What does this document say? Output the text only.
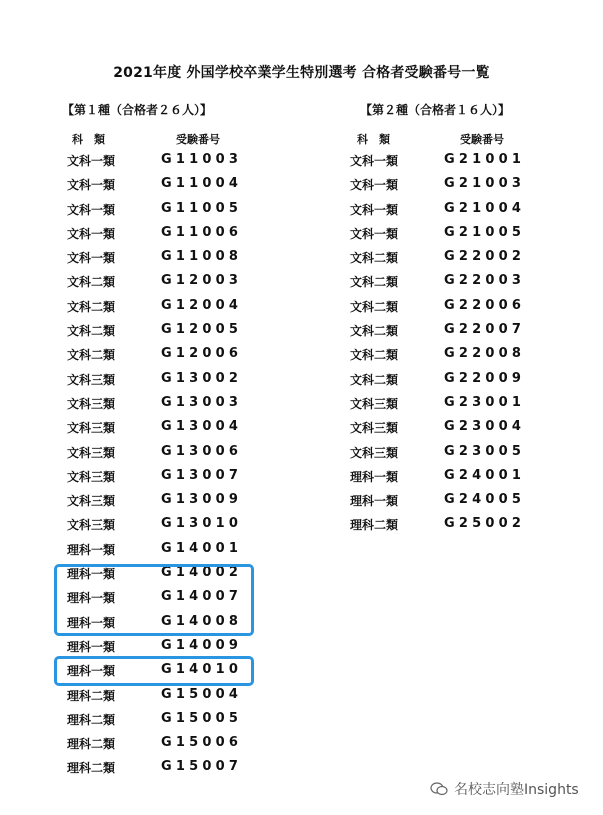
2021年度 外国学校卒業学生特別選考 合格者受験番号一覧
【第１種（合格者２６人）】	【第２種（合格者１６人）】
科　類	受験番号	科　類	受験番号
文科一類	G11003
文科一類	G11004
文科一類	G11005
文科一類	G11006
文科一類	G11008
文科二類	G12003
文科二類	G12004
文科二類	G12005
文科二類	G12006
文科三類	G13002
文科三類	G13003
文科三類	G13004
文科三類	G13006
文科三類	G13007
文科三類	G13009
文科三類	G13010
理科一類	G14001
理科一類	G14002
理科一類	G14007
理科一類	G14008
理科一類	G14009
理科一類	G14010
理科二類	G15004
理科二類	G15005
理科二類	G15006
理科二類	G15007
文科一類	G21001
文科一類	G21003
文科一類	G21004
文科一類	G21005
文科二類	G22002
文科二類	G22003
文科二類	G22006
文科二類	G22007
文科二類	G22008
文科二類	G22009
文科三類	G23001
文科三類	G23004
文科三類	G23005
理科一類	G24001
理科一類	G24005
理科二類	G25002
名校志向塾Insights
